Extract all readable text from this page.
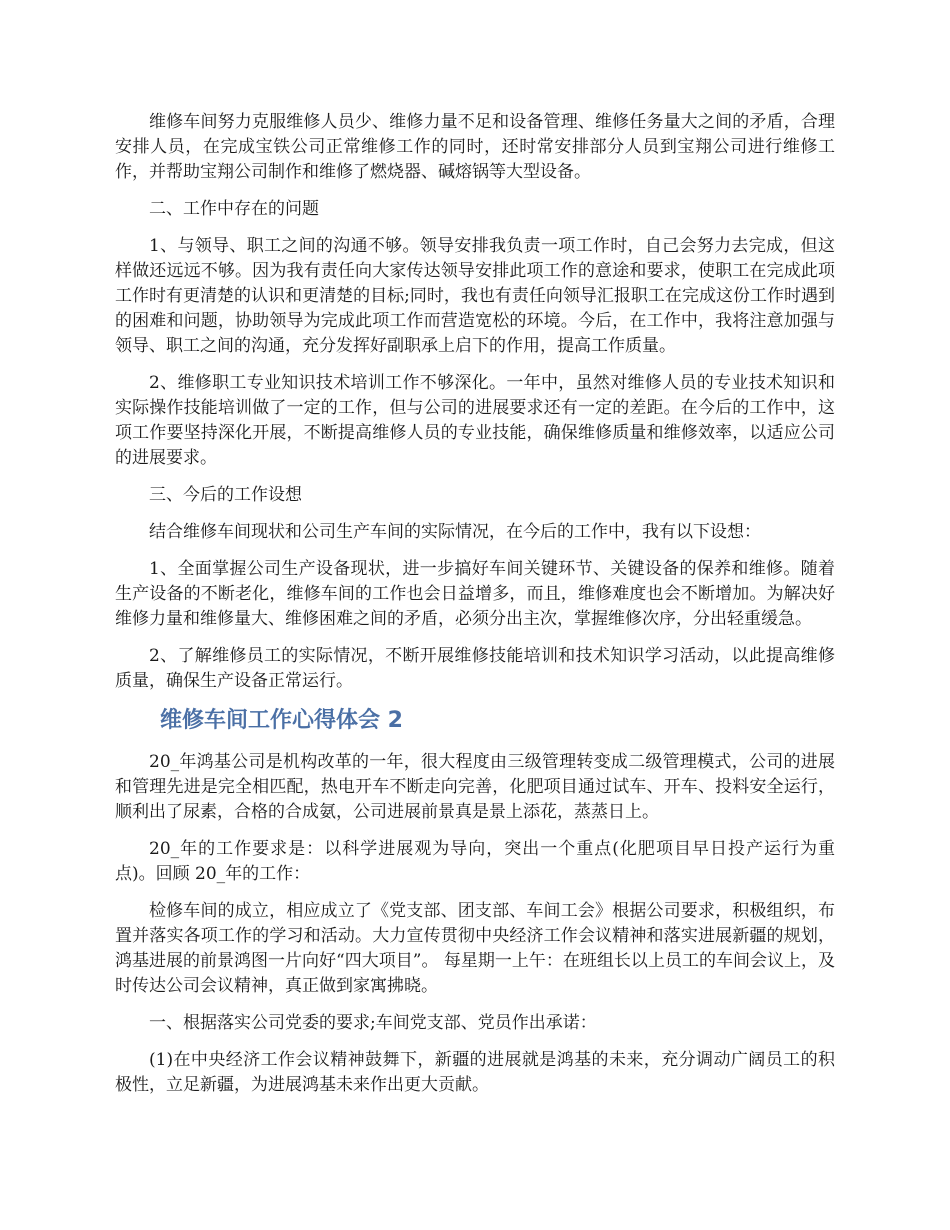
维修车间努力克服维修人员少、维修力量不足和设备管理、维修任务量大之间的矛盾，合理安排人员，在完成宝铁公司正常维修工作的同时，还时常安排部分人员到宝翔公司进行维修工作，并帮助宝翔公司制作和维修了燃烧器、碱熔锅等大型设备。

二、工作中存在的问题

1、与领导、职工之间的沟通不够。领导安排我负责一项工作时，自己会努力去完成，但这样做还远远不够。因为我有责任向大家传达领导安排此项工作的意途和要求，使职工在完成此项工作时有更清楚的认识和更清楚的目标;同时，我也有责任向领导汇报职工在完成这份工作时遇到的困难和问题，协助领导为完成此项工作而营造宽松的环境。今后，在工作中，我将注意加强与领导、职工之间的沟通，充分发挥好副职承上启下的作用，提高工作质量。

2、维修职工专业知识技术培训工作不够深化。一年中，虽然对维修人员的专业技术知识和实际操作技能培训做了一定的工作，但与公司的进展要求还有一定的差距。在今后的工作中，这项工作要坚持深化开展，不断提高维修人员的专业技能，确保维修质量和维修效率，以适应公司的进展要求。

三、今后的工作设想

结合维修车间现状和公司生产车间的实际情况，在今后的工作中，我有以下设想：

1、全面掌握公司生产设备现状，进一步搞好车间关键环节、关键设备的保养和维修。随着生产设备的不断老化，维修车间的工作也会日益增多，而且，维修难度也会不断增加。为解决好维修力量和维修量大、维修困难之间的矛盾，必须分出主次，掌握维修次序，分出轻重缓急。

2、了解维修员工的实际情况，不断开展维修技能培训和技术知识学习活动，以此提高维修质量，确保生产设备正常运行。

维修车间工作心得体会 2

20_年鸿基公司是机构改革的一年，很大程度由三级管理转变成二级管理模式，公司的进展和管理先进是完全相匹配，热电开车不断走向完善，化肥项目通过试车、开车、投料安全运行，顺利出了尿素，合格的合成氨，公司进展前景真是景上添花，蒸蒸日上。

20_年的工作要求是：以科学进展观为导向，突出一个重点(化肥项目早日投产运行为重点)。回顾 20_年的工作：

检修车间的成立，相应成立了《党支部、团支部、车间工会》根据公司要求，积极组织，布置并落实各项工作的学习和活动。大力宣传贯彻中央经济工作会议精神和落实进展新疆的规划，鸿基进展的前景鸿图一片向好“四大项目”。 每星期一上午：在班组长以上员工的车间会议上，及时传达公司会议精神，真正做到家寓拂晓。

一、根据落实公司党委的要求;车间党支部、党员作出承诺：

(1)在中央经济工作会议精神鼓舞下，新疆的进展就是鸿基的未来，充分调动广阔员工的积极性，立足新疆，为进展鸿基未来作出更大贡献。
